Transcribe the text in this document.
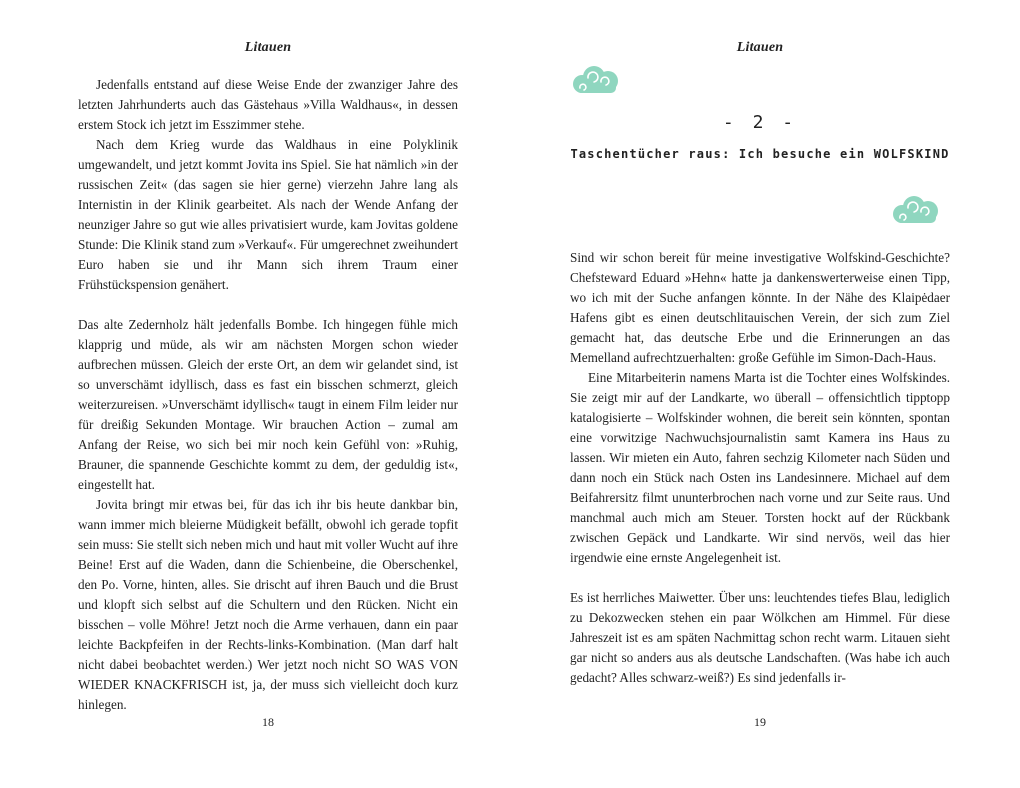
Litauen

Jedenfalls entstand auf diese Weise Ende der zwanziger Jahre des letzten Jahrhunderts auch das Gästehaus »Villa Waldhaus«, in dessen erstem Stock ich jetzt im Esszimmer stehe.

Nach dem Krieg wurde das Waldhaus in eine Polyklinik umgewandelt, und jetzt kommt Jovita ins Spiel. Sie hat nämlich »in der russischen Zeit« (das sagen sie hier gerne) vierzehn Jahre lang als Internistin in der Klinik gearbeitet. Als nach der Wende Anfang der neunziger Jahre so gut wie alles privatisiert wurde, kam Jovitas goldene Stunde: Die Klinik stand zum »Verkauf«. Für umgerechnet zweihundert Euro haben sie und ihr Mann sich ihrem Traum einer Frühstückspension genähert.

Das alte Zedernholz hält jedenfalls Bombe. Ich hingegen fühle mich klapprig und müde, als wir am nächsten Morgen schon wieder aufbrechen müssen. Gleich der erste Ort, an dem wir gelandet sind, ist so unverschämt idyllisch, dass es fast ein bisschen schmerzt, gleich weiterzureisen. »Unverschämt idyllisch« taugt in einem Film leider nur für dreißig Sekunden Montage. Wir brauchen Action – zumal am Anfang der Reise, wo sich bei mir noch kein Gefühl von: »Ruhig, Brauner, die spannende Geschichte kommt zu dem, der geduldig ist«, eingestellt hat.

Jovita bringt mir etwas bei, für das ich ihr bis heute dankbar bin, wann immer mich bleierne Müdigkeit befällt, obwohl ich gerade topfit sein muss: Sie stellt sich neben mich und haut mit voller Wucht auf ihre Beine! Erst auf die Waden, dann die Schienbeine, die Oberschenkel, den Po. Vorne, hinten, alles. Sie drischt auf ihren Bauch und die Brust und klopft sich selbst auf die Schultern und den Rücken. Nicht ein bisschen – volle Möhre! Jetzt noch die Arme verhauen, dann ein paar leichte Backpfeifen in der Rechts-links-Kombination. (Man darf halt nicht dabei beobachtet werden.) Wer jetzt noch nicht SO WAS VON WIEDER KNACKFRISCH ist, ja, der muss sich vielleicht doch kurz hinlegen.

18
Litauen
- 2 -
Taschentücher raus: Ich besuche ein WOLFSKIND

Sind wir schon bereit für meine investigative Wolfskind-Geschichte? Chefsteward Eduard »Hehn« hatte ja dankenswerterweise einen Tipp, wo ich mit der Suche anfangen könnte. In der Nähe des Klaipėdaer Hafens gibt es einen deutschlitauischen Verein, der sich zum Ziel gemacht hat, das deutsche Erbe und die Erinnerungen an das Memelland aufrechtzuerhalten: große Gefühle im Simon-Dach-Haus.

Eine Mitarbeiterin namens Marta ist die Tochter eines Wolfskindes. Sie zeigt mir auf der Landkarte, wo überall – offensichtlich tipptopp katalogisierte – Wolfskinder wohnen, die bereit sein könnten, spontan eine vorwitzige Nachwuchsjournalistin samt Kamera ins Haus zu lassen. Wir mieten ein Auto, fahren sechzig Kilometer nach Süden und dann noch ein Stück nach Osten ins Landesinnere. Michael auf dem Beifahrersitz filmt ununterbrochen nach vorne und zur Seite raus. Und manchmal auch mich am Steuer. Torsten hockt auf der Rückbank zwischen Gepäck und Landkarte. Wir sind nervös, weil das hier irgendwie eine ernste Angelegenheit ist.

Es ist herrliches Maiwetter. Über uns: leuchtendes tiefes Blau, lediglich zu Dekozwecken stehen ein paar Wölkchen am Himmel. Für diese Jahreszeit ist es am späten Nachmittag schon recht warm. Litauen sieht gar nicht so anders aus als deutsche Landschaften. (Was habe ich auch gedacht? Alles schwarz-weiß?) Es sind jedenfalls ir-

19
